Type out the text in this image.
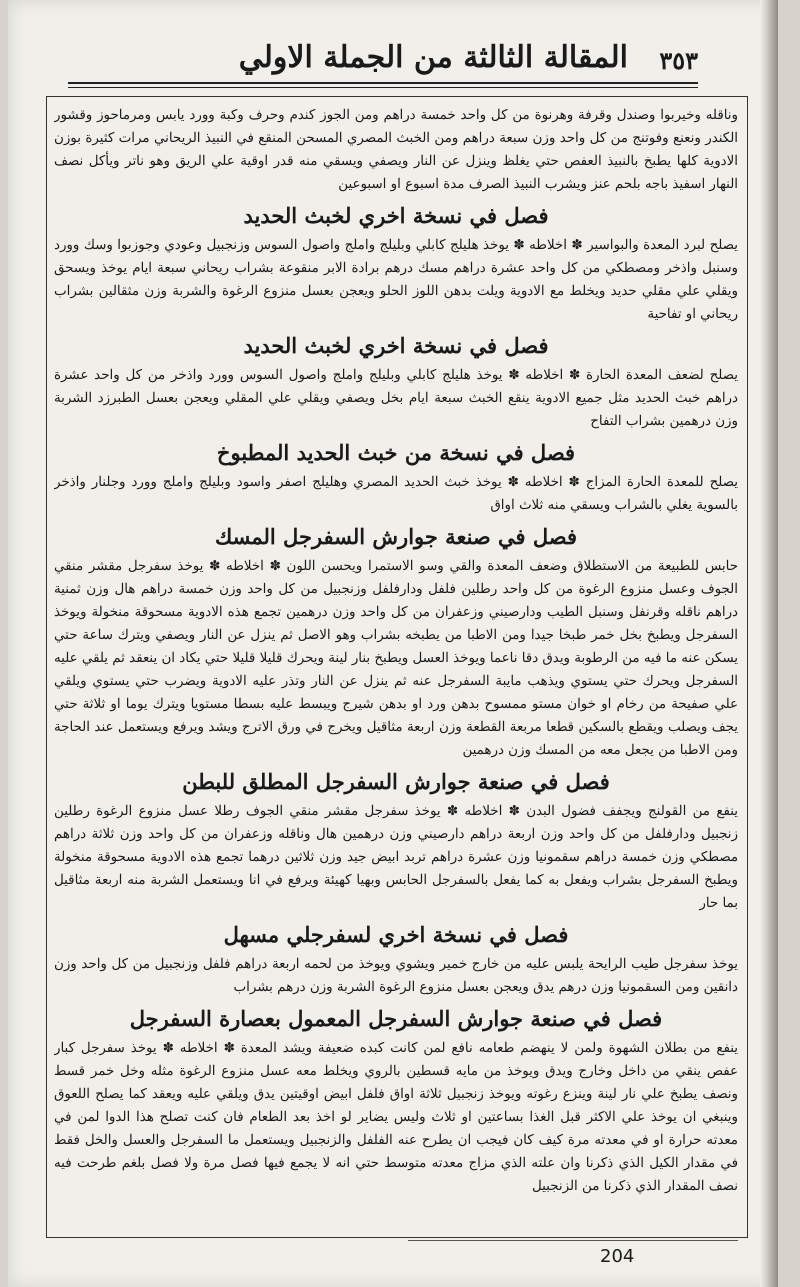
٣٥٣
المقالة الثالثة من الجملة الاولي

وناقله وخيربوا وصندل وقرفة وهرنوة من كل واحد خمسة دراهم ومن الجوز كندم وحرف وكبة وورد يابس ومرماحوز وقشور الكندر ونعنع وفوتنج من كل واحد وزن سبعة دراهم ومن الخبث المصري المسحن المنقع في النبيذ الريحاني مرات كثيرة بوزن الادوية كلها يطبخ بالنبيذ العفص حتي يغلظ وينزل عن النار ويصفي ويسقي منه قدر اوقية علي الريق وهو ناتر ويأكل نصف النهار اسفيذ باجه بلحم عنز ويشرب النبيذ الصرف مدة اسبوع او اسبوعين

فصل في نسخة اخري لخبث الحديد

يصلح لبرد المعدة والبواسير ✽ اخلاطه ✽ يوخذ هليلج كابلي وبليلج واملج واصول السوس وزنجبيل وعودي وجوزبوا وسك وورد وسنبل واذخر ومصطكي من كل واحد عشرة دراهم مسك درهم برادة الابر منقوعة بشراب ريحاني سبعة ايام يوخذ ويسحق ويقلي علي مقلي حديد ويخلط مع الادوية ويلت بدهن اللوز الحلو ويعجن بعسل منزوع الرغوة والشربة وزن مثقالين بشراب ريحاني او تفاحية

فصل في نسخة اخري لخبث الحديد

يصلح لضعف المعدة الحارة ✽ اخلاطه ✽ يوخذ هليلج كابلي وبليلج واملج واصول السوس وورد واذخر من كل واحد عشرة دراهم خبث الحديد مثل جميع الادوية ينقع الخبث سبعة ايام بخل ويصفي ويقلي علي المقلي ويعجن بعسل الطبرزد الشربة وزن درهمين بشراب التفاح

فصل في نسخة من خبث الحديد المطبوخ

يصلح للمعدة الحارة المزاج ✽ اخلاطه ✽ يوخذ خبث الحديد المصري وهليلج اصفر واسود وبليلج واملج وورد وجلنار واذخر بالسوية يغلي بالشراب ويسقي منه ثلاث اواق

فصل في صنعة جوارش السفرجل المسك

حابس للطبيعة من الاستطلاق وضعف المعدة والقي وسو الاستمرا ويحسن اللون ✽ اخلاطه ✽ يوخذ سفرجل مقشر منقي الجوف وعسل منزوع الرغوة من كل واحد رطلين فلفل ودارفلفل وزنجبيل من كل واحد وزن خمسة دراهم هال وزن ثمنية دراهم ناقله وقرنفل وسنبل الطيب ودارصيني وزعفران من كل واحد وزن درهمين تجمع هذه الادوية مسحوقة منخولة ويوخذ السفرجل ويطبخ بخل خمر طبخا جيدا ومن الاطبا من يطبخه بشراب وهو الاصل ثم ينزل عن النار ويصفي ويترك ساعة حتي يسكن عنه ما فيه من الرطوبة ويدق دقا ناعما ويوخذ العسل ويطبخ بنار لينة ويحرك قليلا قليلا حتي يكاد ان ينعقد ثم يلقي عليه السفرجل ويحرك حتي يستوي ويذهب مايبة السفرجل عنه ثم ينزل عن النار وتذر عليه الادوية ويضرب حتي يستوي ويلقي علي صفيحة من رخام او خوان مستو ممسوح بدهن ورد او بدهن شيرج ويبسط عليه بسطا مستويا ويترك يوما او ثلاثة حتي يجف ويصلب ويقطع بالسكين قطعا مربعة القطعة وزن اربعة مثاقيل ويخرج في ورق الاترج ويشد ويرفع ويستعمل عند الحاجة ومن الاطبا من يجعل معه من المسك وزن درهمين

فصل في صنعة جوارش السفرجل المطلق للبطن

ينفع من القولنج ويجفف فضول البدن ✽ اخلاطه ✽ يوخذ سفرجل مقشر منقي الجوف رطلا عسل منزوع الرغوة رطلين زنجبيل ودارفلفل من كل واحد وزن اربعة دراهم دارصيني وزن درهمين هال وناقله وزعفران من كل واحد وزن ثلاثة دراهم مصطكي وزن خمسة دراهم سقمونيا وزن عشرة دراهم تربد ابيض جيد وزن ثلاثين درهما تجمع هذه الادوية مسحوقة منخولة ويطبخ السفرجل بشراب ويفعل به كما يفعل بالسفرجل الحابس وبهيا كهيئة ويرفع في انا ويستعمل الشربة منه اربعة مثاقيل بما حار

فصل في نسخة اخري لسفرجلي مسهل

يوخذ سفرجل طيب الرايحة يلبس عليه من خارج خمير ويشوي ويوخذ من لحمه اربعة دراهم فلفل وزنجبيل من كل واحد وزن دانقين ومن السقمونيا وزن درهم يدق ويعجن بعسل منزوع الرغوة الشربة وزن درهم بشراب

فصل في صنعة جوارش السفرجل المعمول بعصارة السفرجل

ينفع من بطلان الشهوة ولمن لا ينهضم طعامه نافع لمن كانت كبده ضعيفة ويشد المعدة ✽ اخلاطه ✽ يوخذ سفرجل كبار عفص ينقي من داخل وخارج ويدق ويوخذ من مايه قسطين بالروي ويخلط معه عسل منزوع الرغوة مثله وخل خمر قسط ونصف يطبخ علي نار لينة وينزع رغوته ويوخذ زنجبيل ثلاثة اواق فلفل ابيض اوقيتين يدق ويلقي عليه ويعقد كما يصلح اللعوق وينبغي ان يوخذ علي الاكثر قبل الغذا بساعتين او ثلاث وليس يضاير لو اخذ بعد الطعام فان كنت تصلح هذا الدوا لمن في معدته حرارة او في معدته مرة كيف كان فيجب ان يطرح عنه الفلفل والزنجبيل ويستعمل ما السفرجل والعسل والخل فقط في مقدار الكيل الذي ذكرنا وان علته الذي مزاج معدته متوسط حتي انه لا يجمع فيها فصل مرة ولا فصل بلغم طرحت فيه نصف المقدار الذي ذكرنا من الزنجبيل

204
